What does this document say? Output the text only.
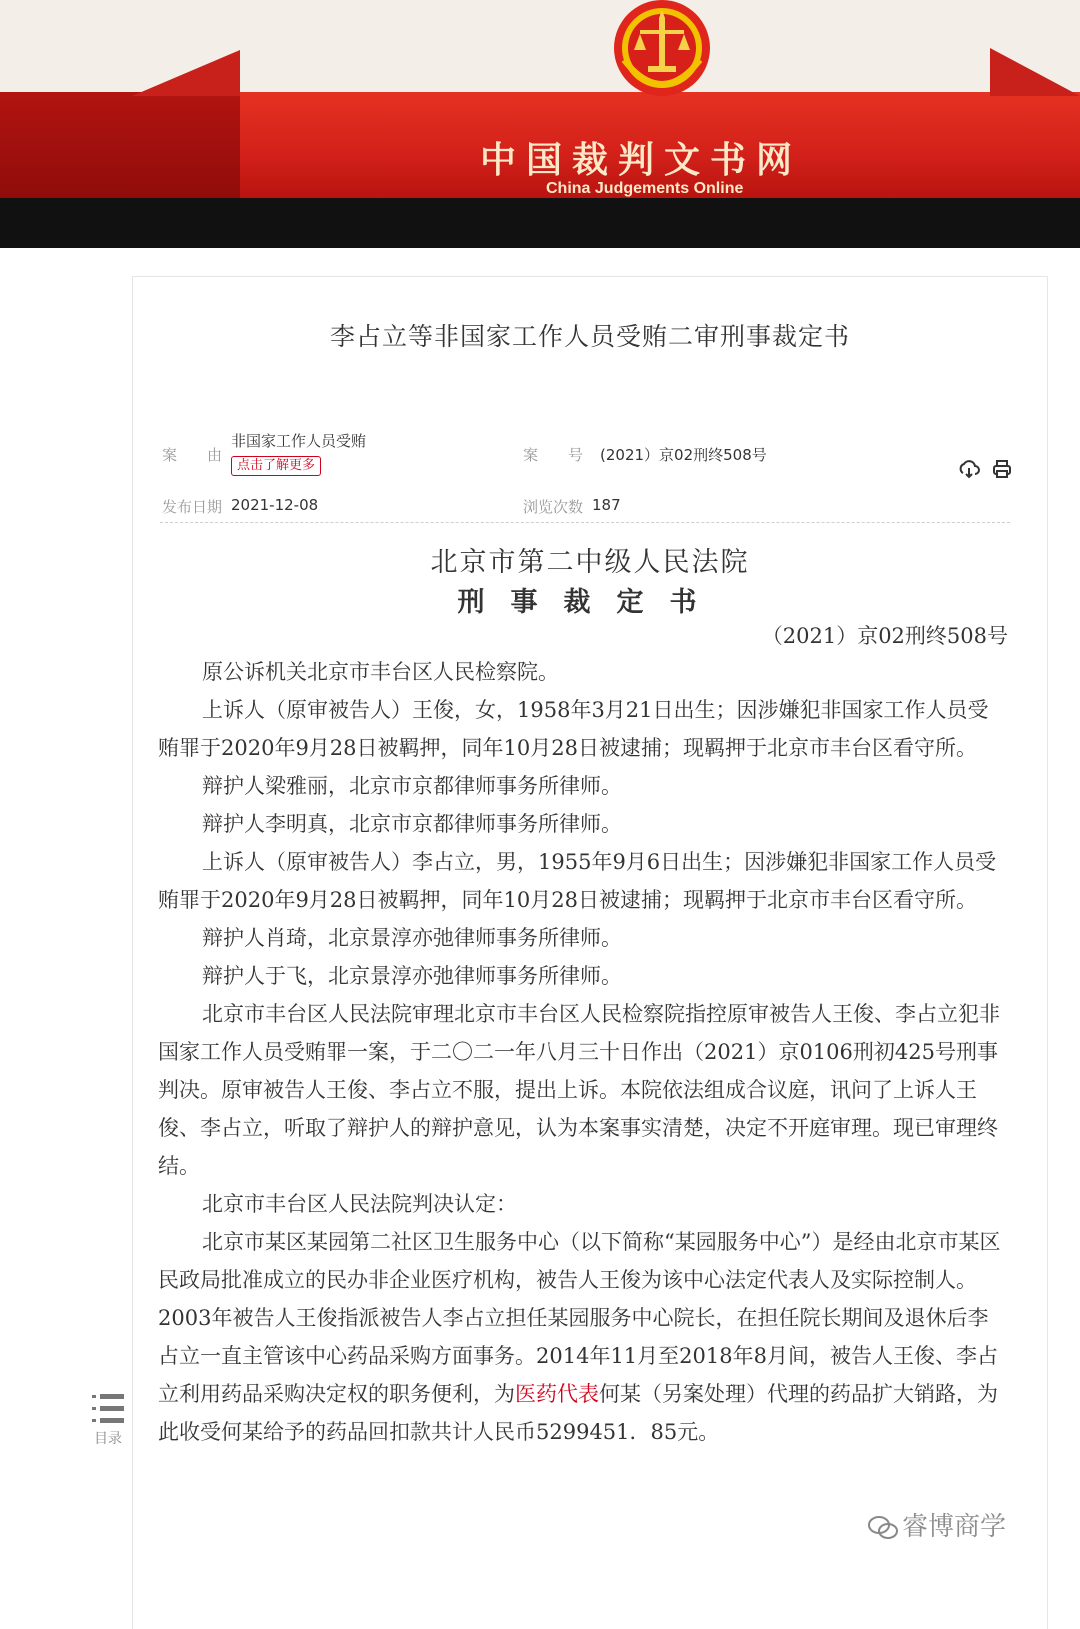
中国裁判文书网
China Judgements Online
李占立等非国家工作人员受贿二审刑事裁定书
案　　由
非国家工作人员受贿
点击了解更多
案　　号 (2021）京02刑终508号
发布日期 2021-12-08	浏览次数 187

北京市第二中级人民法院
刑事裁定书
（2021）京02刑终508号

原公诉机关北京市丰台区人民检察院。

上诉人（原审被告人）王俊，女，1958年3月21日出生；因涉嫌犯非国家工作人员受贿罪于2020年9月28日被羁押，同年10月28日被逮捕；现羁押于北京市丰台区看守所。

辩护人梁雅丽，北京市京都律师事务所律师。

辩护人李明真，北京市京都律师事务所律师。

上诉人（原审被告人）李占立，男，1955年9月6日出生；因涉嫌犯非国家工作人员受贿罪于2020年9月28日被羁押，同年10月28日被逮捕；现羁押于北京市丰台区看守所。

辩护人肖琦，北京景淳亦弛律师事务所律师。

辩护人于飞，北京景淳亦弛律师事务所律师。

北京市丰台区人民法院审理北京市丰台区人民检察院指控原审被告人王俊、李占立犯非国家工作人员受贿罪一案，于二〇二一年八月三十日作出（2021）京0106刑初425号刑事判决。原审被告人王俊、李占立不服，提出上诉。本院依法组成合议庭，讯问了上诉人王俊、李占立，听取了辩护人的辩护意见，认为本案事实清楚，决定不开庭审理。现已审理终结。

北京市丰台区人民法院判决认定：

北京市某区某园第二社区卫生服务中心（以下简称“某园服务中心”）是经由北京市某区民政局批准成立的民办非企业医疗机构，被告人王俊为该中心法定代表人及实际控制人。2003年被告人王俊指派被告人李占立担任某园服务中心院长，在担任院长期间及退休后李占立一直主管该中心药品采购方面事务。2014年11月至2018年8月间，被告人王俊、李占立利用药品采购决定权的职务便利，为医药代表何某（另案处理）代理的药品扩大销路，为此收受何某给予的药品回扣款共计人民币5299451．85元。

目录
睿博商学
